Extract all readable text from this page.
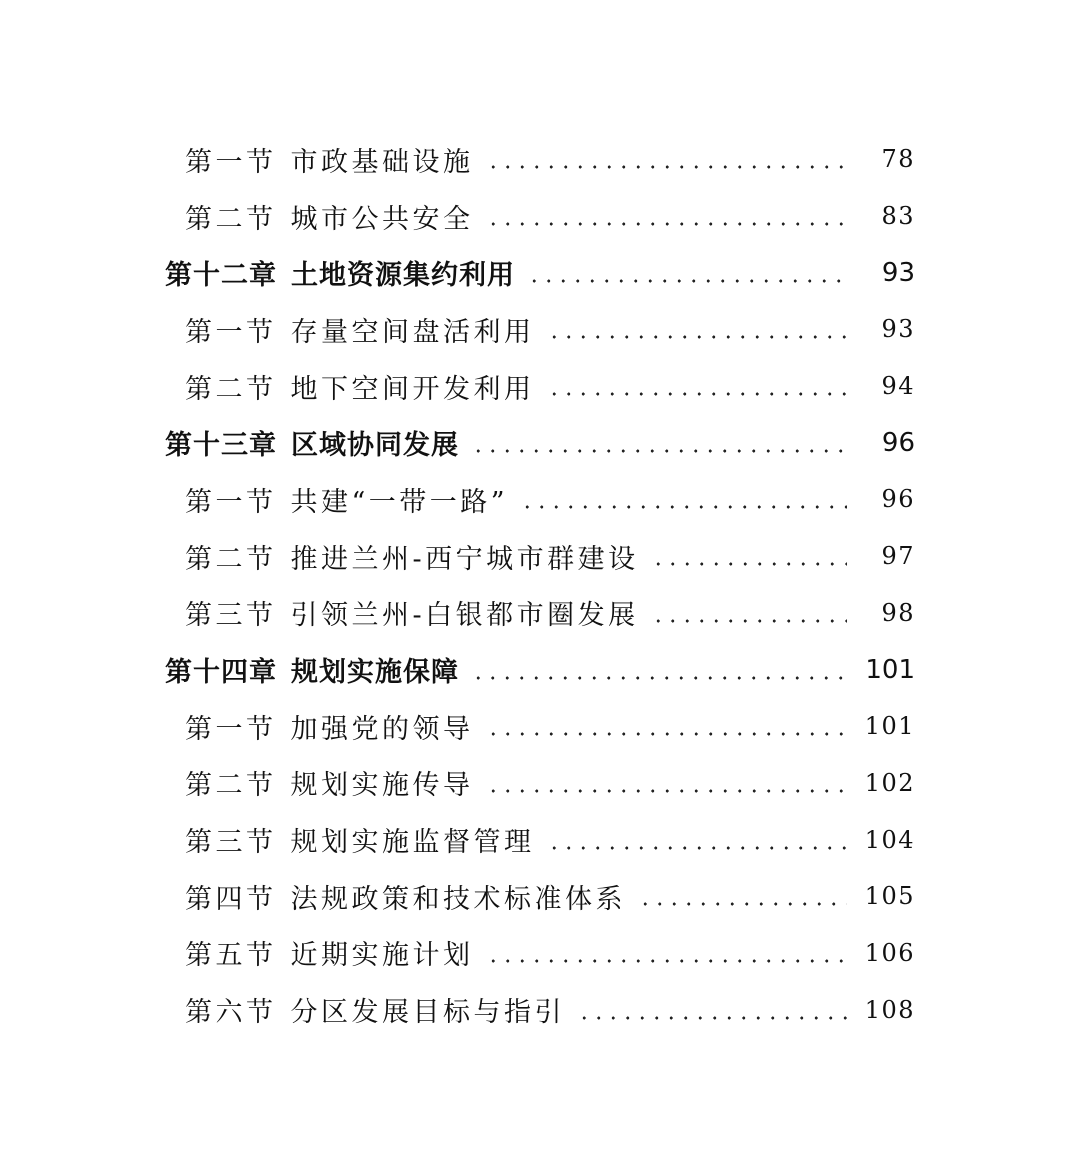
第一节 市政基础设施	78
第二节 城市公共安全	83
第十二章 土地资源集约利用	93
第一节 存量空间盘活利用	93
第二节 地下空间开发利用	94
第十三章 区域协同发展	96
第一节 共建“一带一路”	96
第二节 推进兰州-西宁城市群建设	97
第三节 引领兰州-白银都市圈发展	98
第十四章 规划实施保障	101
第一节 加强党的领导	101
第二节 规划实施传导	102
第三节 规划实施监督管理	104
第四节 法规政策和技术标准体系	105
第五节 近期实施计划	106
第六节 分区发展目标与指引	108
